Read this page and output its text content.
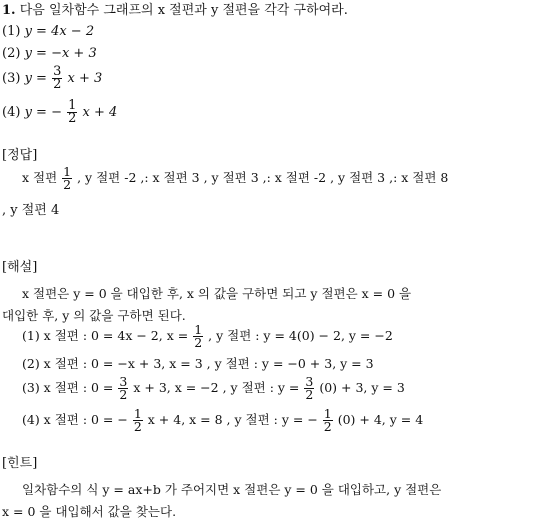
1. 다음 일차함수 그래프의 x 절편과 y 절편을 각각 구하여라.
(1) y = 4x − 2
(2) y = −x + 3
(3) $y = \frac{3}{2}$ x + 3
(4) y = − $\frac{1}{2}$ x + 4
[정답]
x 절편 $\frac{1}{2}$ , y 절편 -2 ,: x 절편 3 , y 절편 3 ,: x 절편 -2 , y 절편 3 ,: x 절편 8
, y 절편 4
[해설]
x 절편은 y = 0 을 대입한 후, x 의 값을 구하면 되고 y 절편은 x = 0 을
대입한 후, y 의 값을 구하면 된다.
(1) x 절편 : 0 = 4x − 2, $x = \frac{1}{2}$ , y 절편 : y = 4(0) − 2, y = −2
(2) x 절편 : 0 = −x + 3, x = 3 , y 절편 : y = −0 + 3, y = 3
(3) x 절편 : $0 = \frac{3}{2}$ x + 3, x = −2 , y 절편 : $y = \frac{3}{2} (0) + 3$, y = 3
(4) x 절편 : 0 = − $\frac{1}{2}$ x + 4, x = 8 , y 절편 : y = − $\frac{1}{2} (0) + 4$, y = 4
[힌트]
일차함수의 식 y = ax+b 가 주어지면 x 절편은 y = 0 을 대입하고, y 절편은
x = 0 을 대입해서 값을 찾는다.
